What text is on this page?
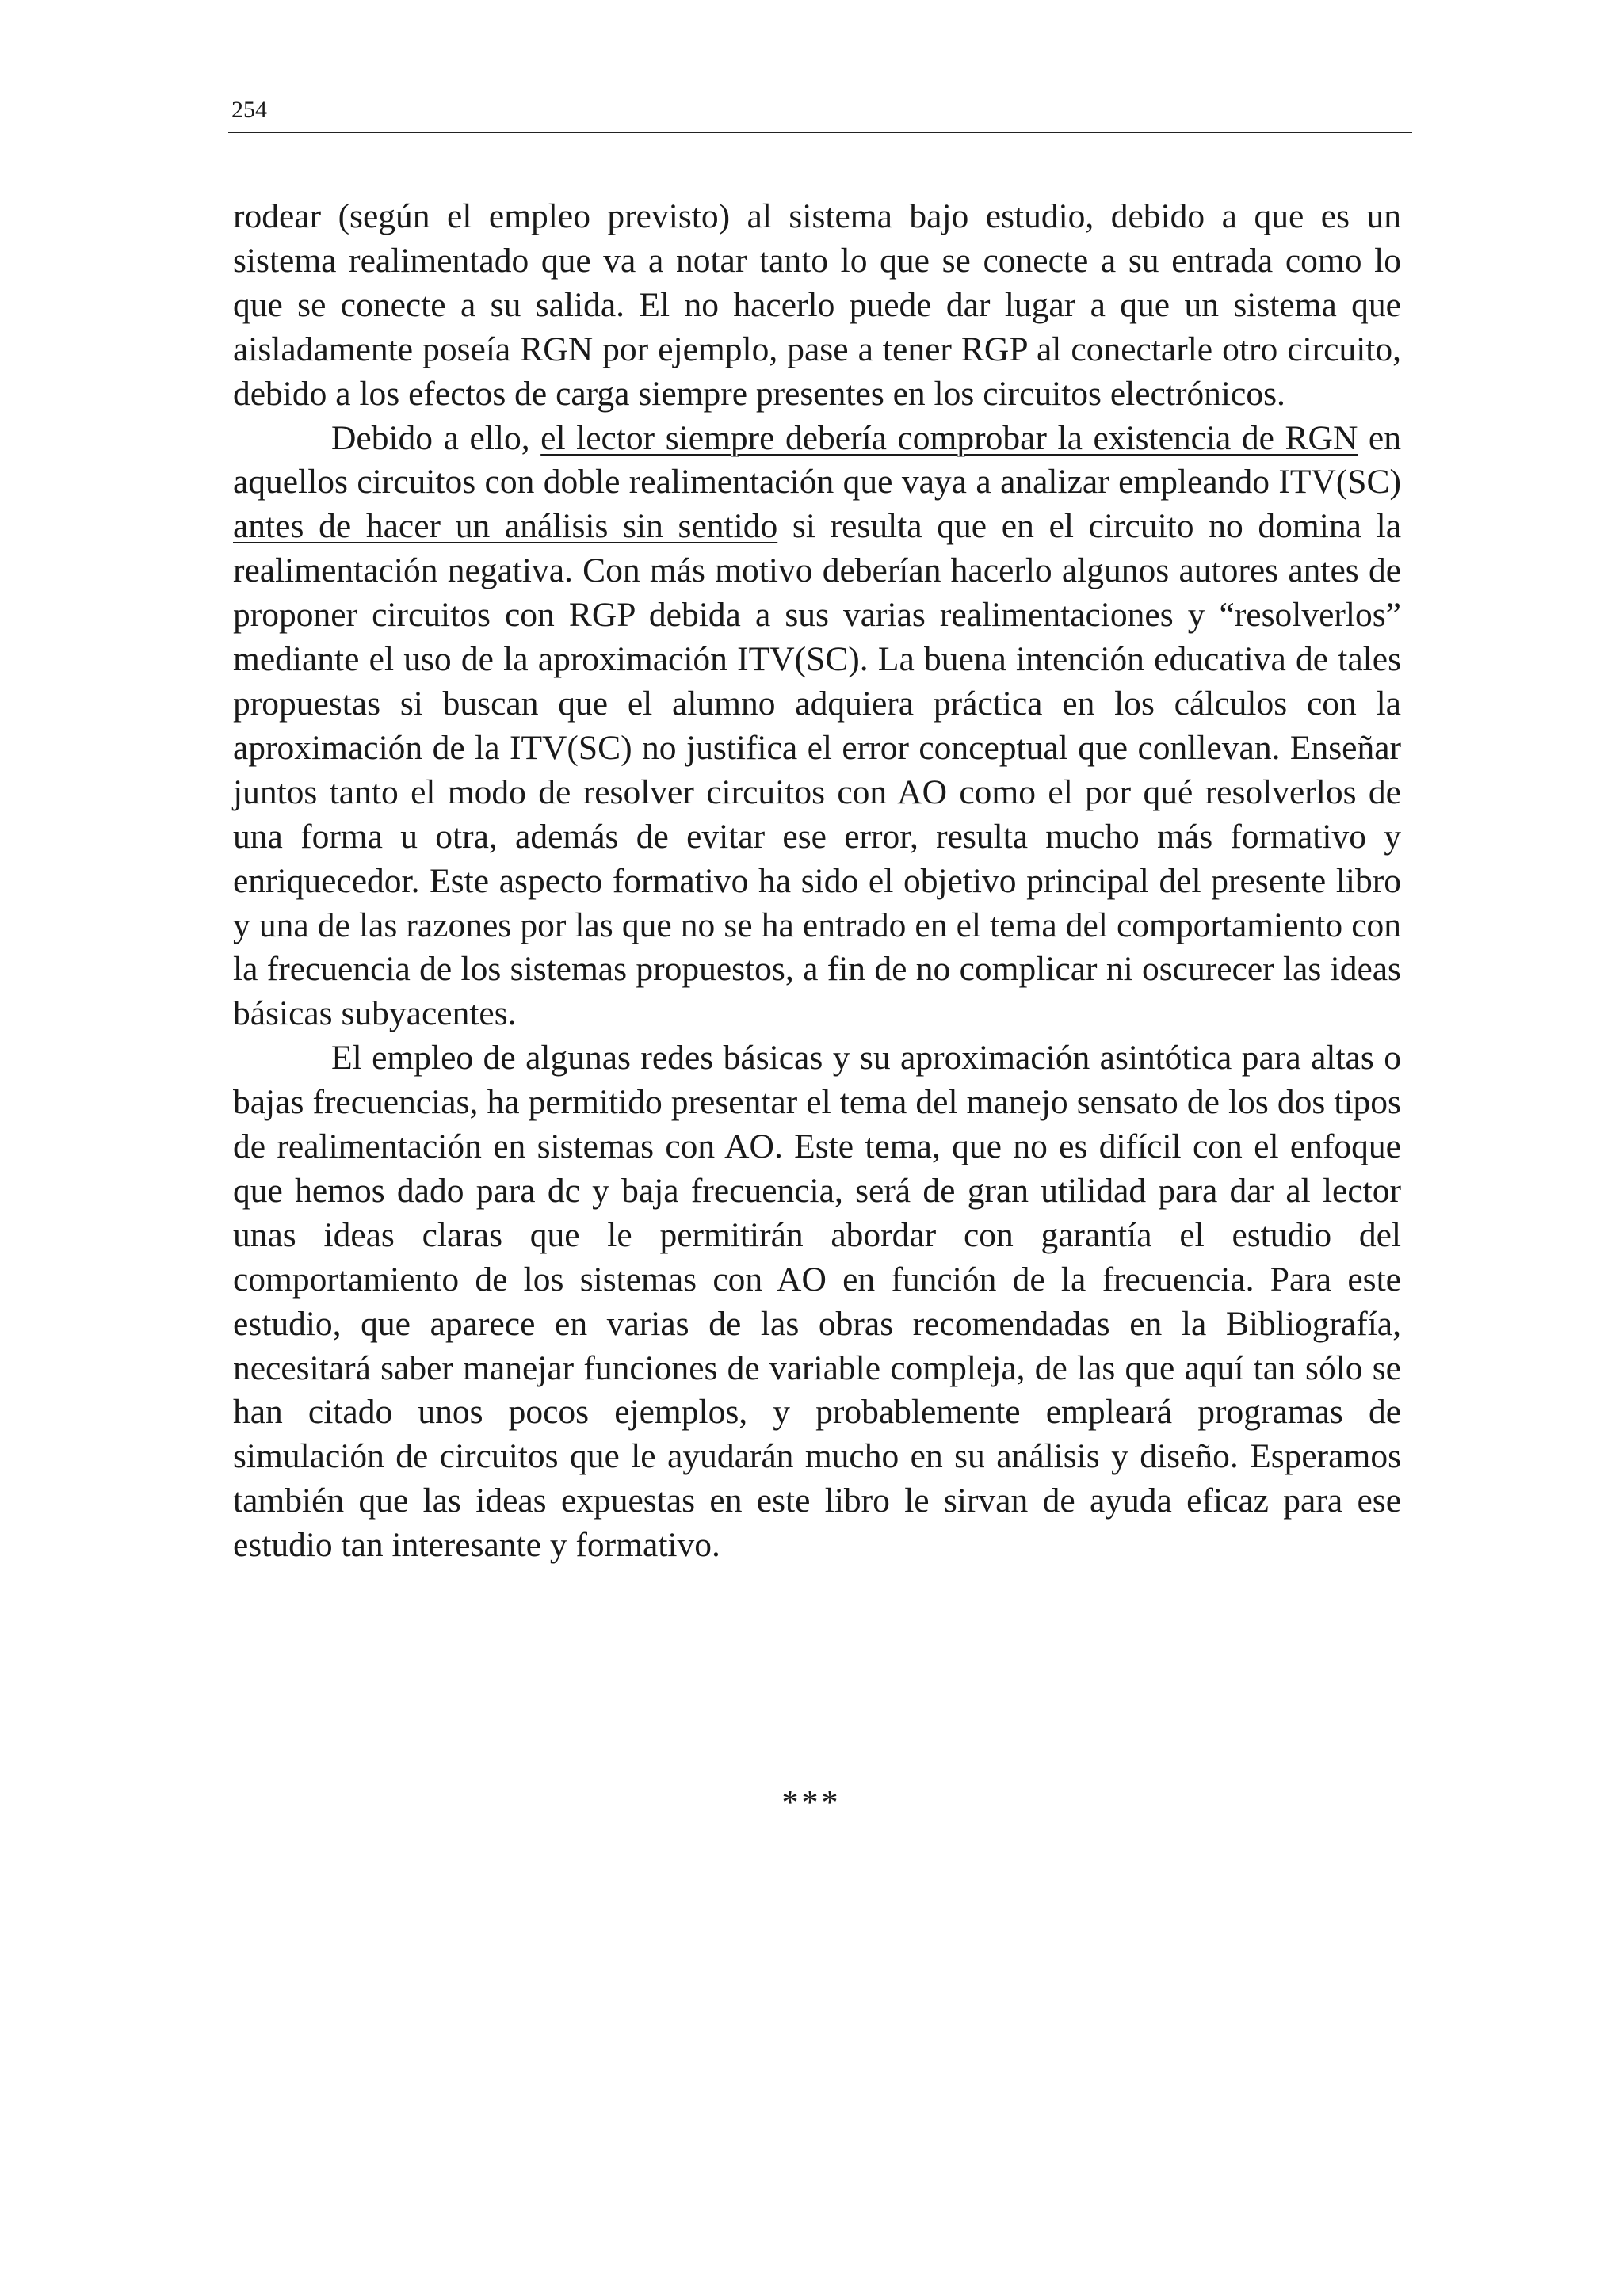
254

rodear (según el empleo previsto) al sistema bajo estudio, debido a que es un sistema realimentado que va a notar tanto lo que se conecte a su entrada como lo que se conecte a su salida. El no hacerlo puede dar lugar a que un sistema que aisladamente poseía RGN por ejemplo, pase a tener RGP al conectarle otro circuito, debido a los efectos de carga siempre presentes en los circuitos electrónicos.

Debido a ello, el lector siempre debería comprobar la existencia de RGN en aquellos circuitos con doble realimentación que vaya a analizar empleando ITV(SC) antes de hacer un análisis sin sentido si resulta que en el circuito no domina la realimentación negativa. Con más motivo deberían hacerlo algunos autores antes de proponer circuitos con RGP debida a sus varias realimentaciones y “resolverlos” mediante el uso de la aproximación ITV(SC). La buena intención educativa de tales propuestas si buscan que el alumno adquiera práctica en los cálculos con la aproximación de la ITV(SC) no justifica el error conceptual que conllevan. Enseñar juntos tanto el modo de resolver circuitos con AO como el por qué resolverlos de una forma u otra, además de evitar ese error, resulta mucho más formativo y enriquecedor. Este aspecto formativo ha sido el objetivo principal del presente libro y una de las razones por las que no se ha entrado en el tema del comportamiento con la frecuencia de los sistemas propuestos, a fin de no complicar ni oscurecer las ideas básicas subyacentes.

El empleo de algunas redes básicas y su aproximación asintótica para altas o bajas frecuencias, ha permitido presentar el tema del manejo sensato de los dos tipos de realimentación en sistemas con AO. Este tema, que no es difícil con el enfoque que hemos dado para dc y baja frecuencia, será de gran utilidad para dar al lector unas ideas claras que le permitirán abordar con garantía el estudio del comportamiento de los sistemas con AO en función de la frecuencia. Para este estudio, que aparece en varias de las obras recomendadas en la Bibliografía, necesitará saber manejar funciones de variable compleja, de las que aquí tan sólo se han citado unos pocos ejemplos, y probablemente empleará programas de simulación de circuitos que le ayudarán mucho en su análisis y diseño. Esperamos también que las ideas expuestas en este libro le sirvan de ayuda eficaz para ese estudio tan interesante y formativo.

***
